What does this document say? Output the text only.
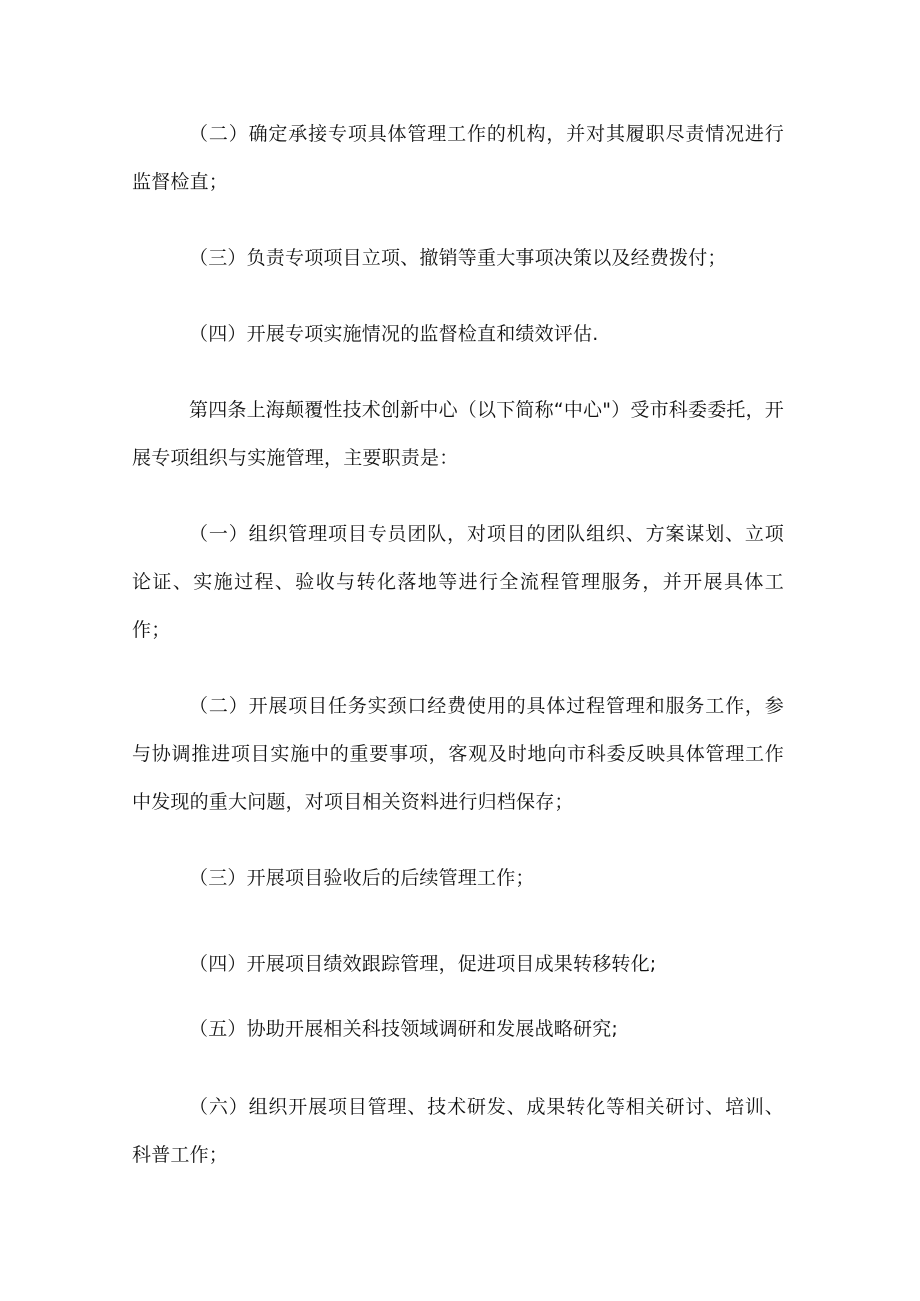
（二）确定承接专项具体管理工作的机构，并对其履职尽责情况进行监督检直；

（三）负责专项项目立项、撤销等重大事项决策以及经费拨付；

（四）开展专项实施情况的监督检直和绩效评估.

第四条上海颠覆性技术创新中心（以下简称“中心"）受市科委委托，开展专项组织与实施管理，主要职责是：

（一）组织管理项目专员团队，对项目的团队组织、方案谋划、立项论证、实施过程、验收与转化落地等进行全流程管理服务，并开展具体工作；

（二）开展项目任务实颈口经费使用的具体过程管理和服务工作，参与协调推进项目实施中的重要事项，客观及时地向市科委反映具体管理工作中发现的重大问题，对项目相关资料进行归档保存；

（三）开展项目验收后的后续管理工作；

（四）开展项目绩效跟踪管理，促进项目成果转移转化;

（五）协助开展相关科技领域调研和发展战略研究;

（六）组织开展项目管理、技术研发、成果转化等相关研讨、培训、科普工作；
